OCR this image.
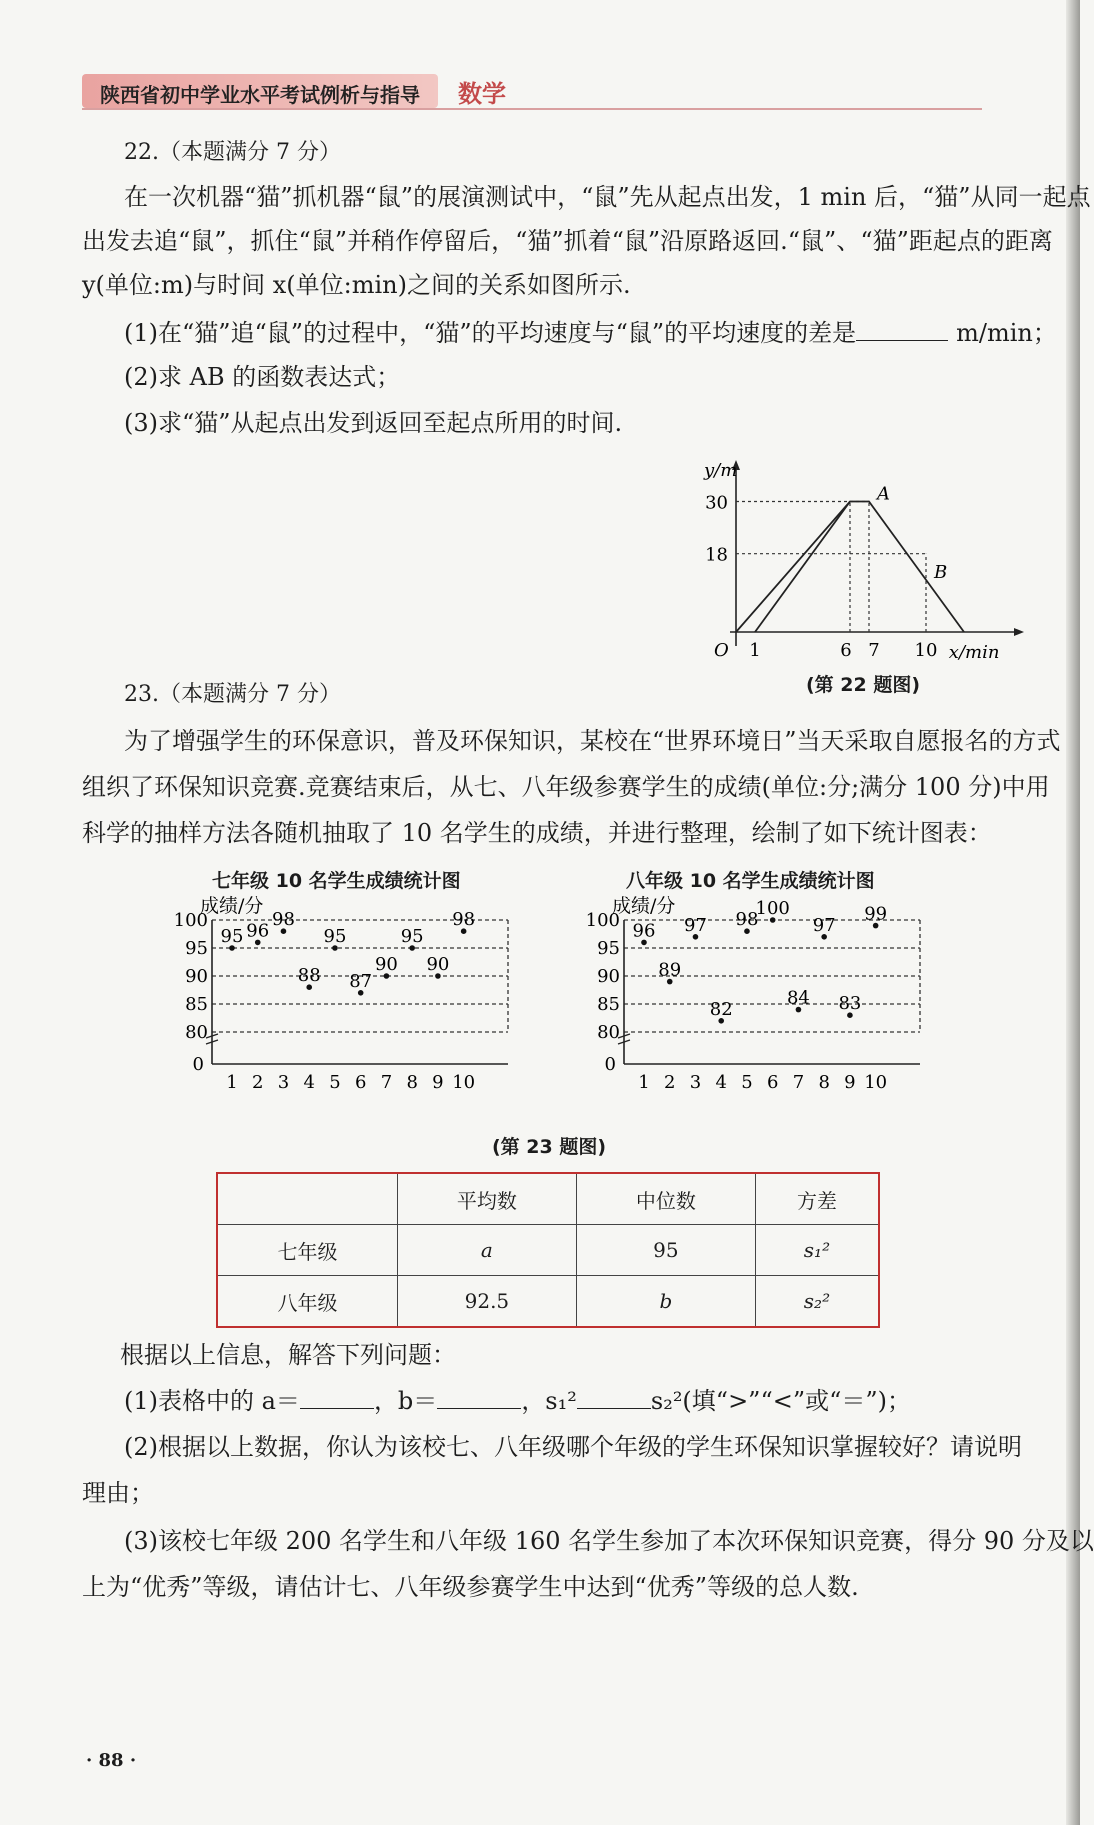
陕西省初中学业水平考试例析与指导 数学
22.（本题满分 7 分）
在一次机器“猫”抓机器“鼠”的展演测试中，“鼠”先从起点出发，1 min 后，“猫”从同一起点
出发去追“鼠”，抓住“鼠”并稍作停留后，“猫”抓着“鼠”沿原路返回.“鼠”、“猫”距起点的距离
y(单位:m)与时间 x(单位:min)之间的关系如图所示.
(1)在“猫”追“鼠”的过程中，“猫”的平均速度与“鼠”的平均速度的差是	m/min；
(2)求 AB 的函数表达式；
(3)求“猫”从起点出发到返回至起点所用的时间.
y/m
x/min
O
18
30
1	6 7 10
A
B
(第 22 题图)
23.（本题满分 7 分）
为了增强学生的环保意识，普及环保知识，某校在“世界环境日”当天采取自愿报名的方式
组织了环保知识竞赛.竞赛结束后，从七、八年级参赛学生的成绩(单位:分;满分 100 分)中用
科学的抽样方法各随机抽取了 10 名学生的成绩，并进行整理，绘制了如下统计图表：
七年级 10 名学生成绩统计图	八年级 10 名学生成绩统计图
成绩/分
80
85
90
95
100
0
1 2 3 4 5 6 7 8 9 10
95 96
98
88
95
87
90
95
90
98
成绩/分
80
85
90
95
100
0
1 2 3 4 5 6 7 8 9 10
96
89
97
82
98
100
84
97
83
99
(第 23 题图)
	平均数	中位数	方差
七年级	a	95	s₁²
八年级	92.5	b	s₂²
根据以上信息，解答下列问题：
(1)表格中的 a＝	，b＝	，s₁²	s₂²(填“>”“<”或“＝”)；
(2)根据以上数据，你认为该校七、八年级哪个年级的学生环保知识掌握较好？请说明
理由；
(3)该校七年级 200 名学生和八年级 160 名学生参加了本次环保知识竞赛，得分 90 分及以
上为“优秀”等级，请估计七、八年级参赛学生中达到“优秀”等级的总人数.
· 88 ·
